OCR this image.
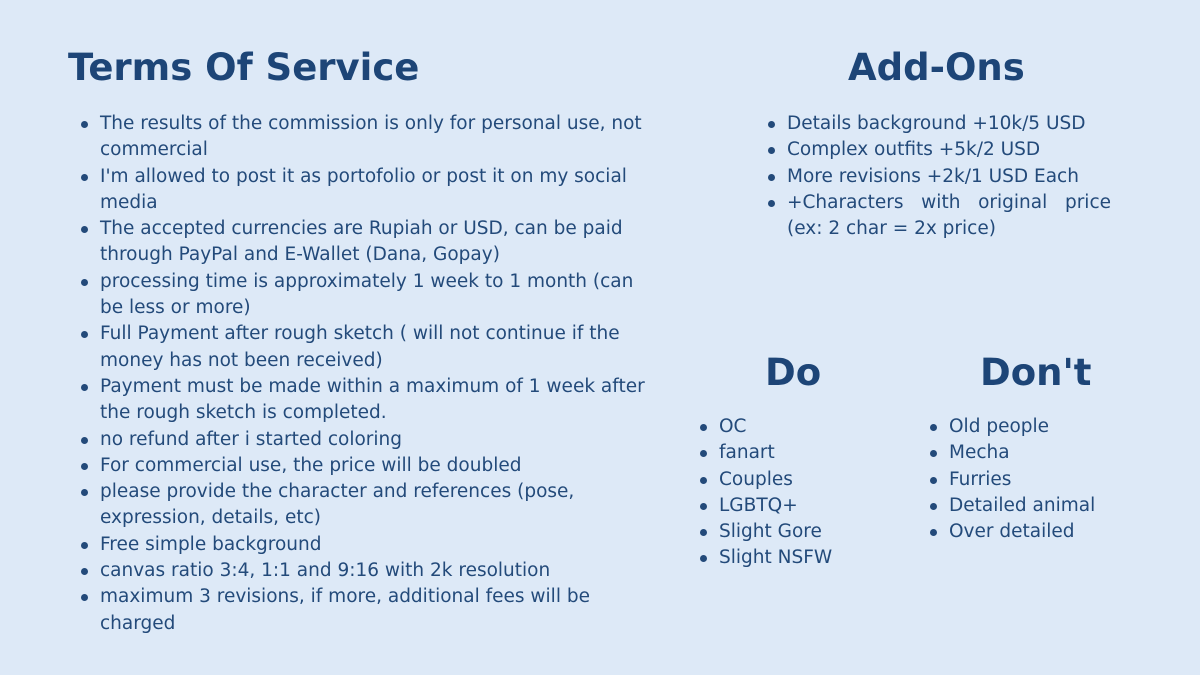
Terms Of Service
The results of the commission is only for personal use, not commercial
I'm allowed to post it as portofolio or post it on my social media
The accepted currencies are Rupiah or USD, can be paid through PayPal and E-Wallet (Dana, Gopay)
processing time is approximately 1 week to 1 month (can be less or more)
Full Payment after rough sketch ( will not continue if the money has not been received)
Payment must be made within a maximum of 1 week after the rough sketch is completed.
no refund after i started coloring
For commercial use, the price will be doubled
please provide the character and references (pose, expression, details, etc)
Free simple background
canvas ratio 3:4, 1:1 and 9:16 with 2k resolution
maximum 3 revisions, if more, additional fees will be charged
Add-Ons
Details background +10k/5 USD
Complex outfits +5k/2 USD
More revisions +2k/1 USD Each
+Characters with original price (ex: 2 char = 2x price)
Do
OC
fanart
Couples
LGBTQ+
Slight Gore
Slight NSFW
Don't
Old people
Mecha
Furries
Detailed animal
Over detailed
